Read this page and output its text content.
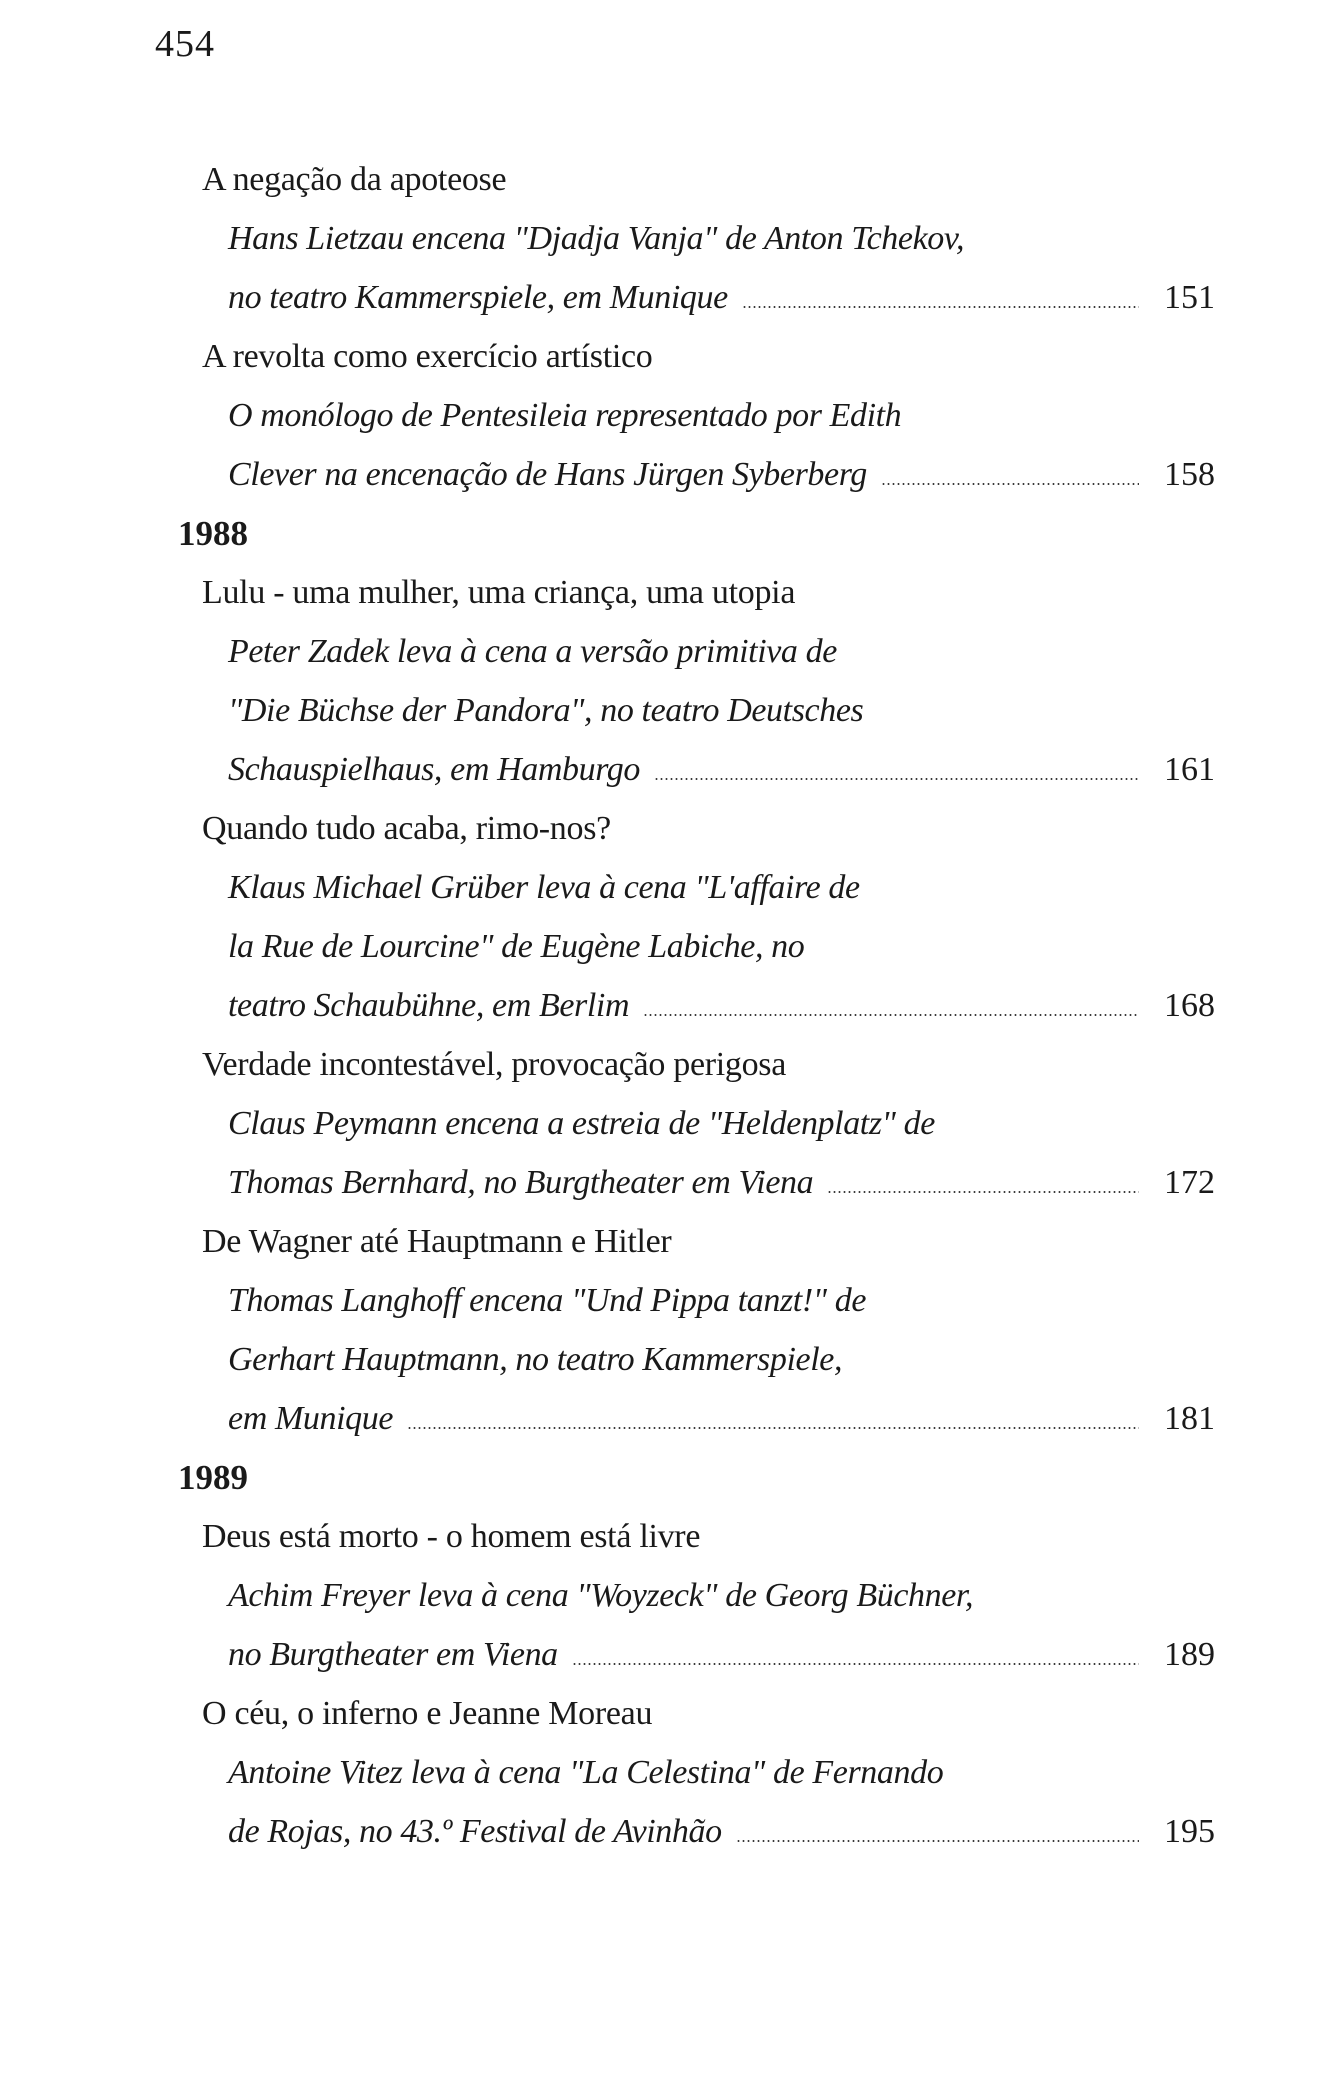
454
A negação da apoteose
Hans Lietzau encena "Djadja Vanja" de Anton Tchekov,
no teatro Kammerspiele, em Munique	151
A revolta como exercício artístico
O monólogo de Pentesileia representado por Edith
Clever na encenação de Hans Jürgen Syberberg	158
1988
Lulu - uma mulher, uma criança, uma utopia
Peter Zadek leva à cena a versão primitiva de
"Die Büchse der Pandora", no teatro Deutsches
Schauspielhaus, em Hamburgo	161
Quando tudo acaba, rimo-nos?
Klaus Michael Grüber leva à cena "L'affaire de
la Rue de Lourcine" de Eugène Labiche, no
teatro Schaubühne, em Berlim	168
Verdade incontestável, provocação perigosa
Claus Peymann encena a estreia de "Heldenplatz" de
Thomas Bernhard, no Burgtheater em Viena	172
De Wagner até Hauptmann e Hitler
Thomas Langhoff encena "Und Pippa tanzt!" de
Gerhart Hauptmann, no teatro Kammerspiele,
em Munique	181
1989
Deus está morto - o homem está livre
Achim Freyer leva à cena "Woyzeck" de Georg Büchner,
no Burgtheater em Viena	189
O céu, o inferno e Jeanne Moreau
Antoine Vitez leva à cena "La Celestina" de Fernando
de Rojas, no 43.º Festival de Avinhão	195
